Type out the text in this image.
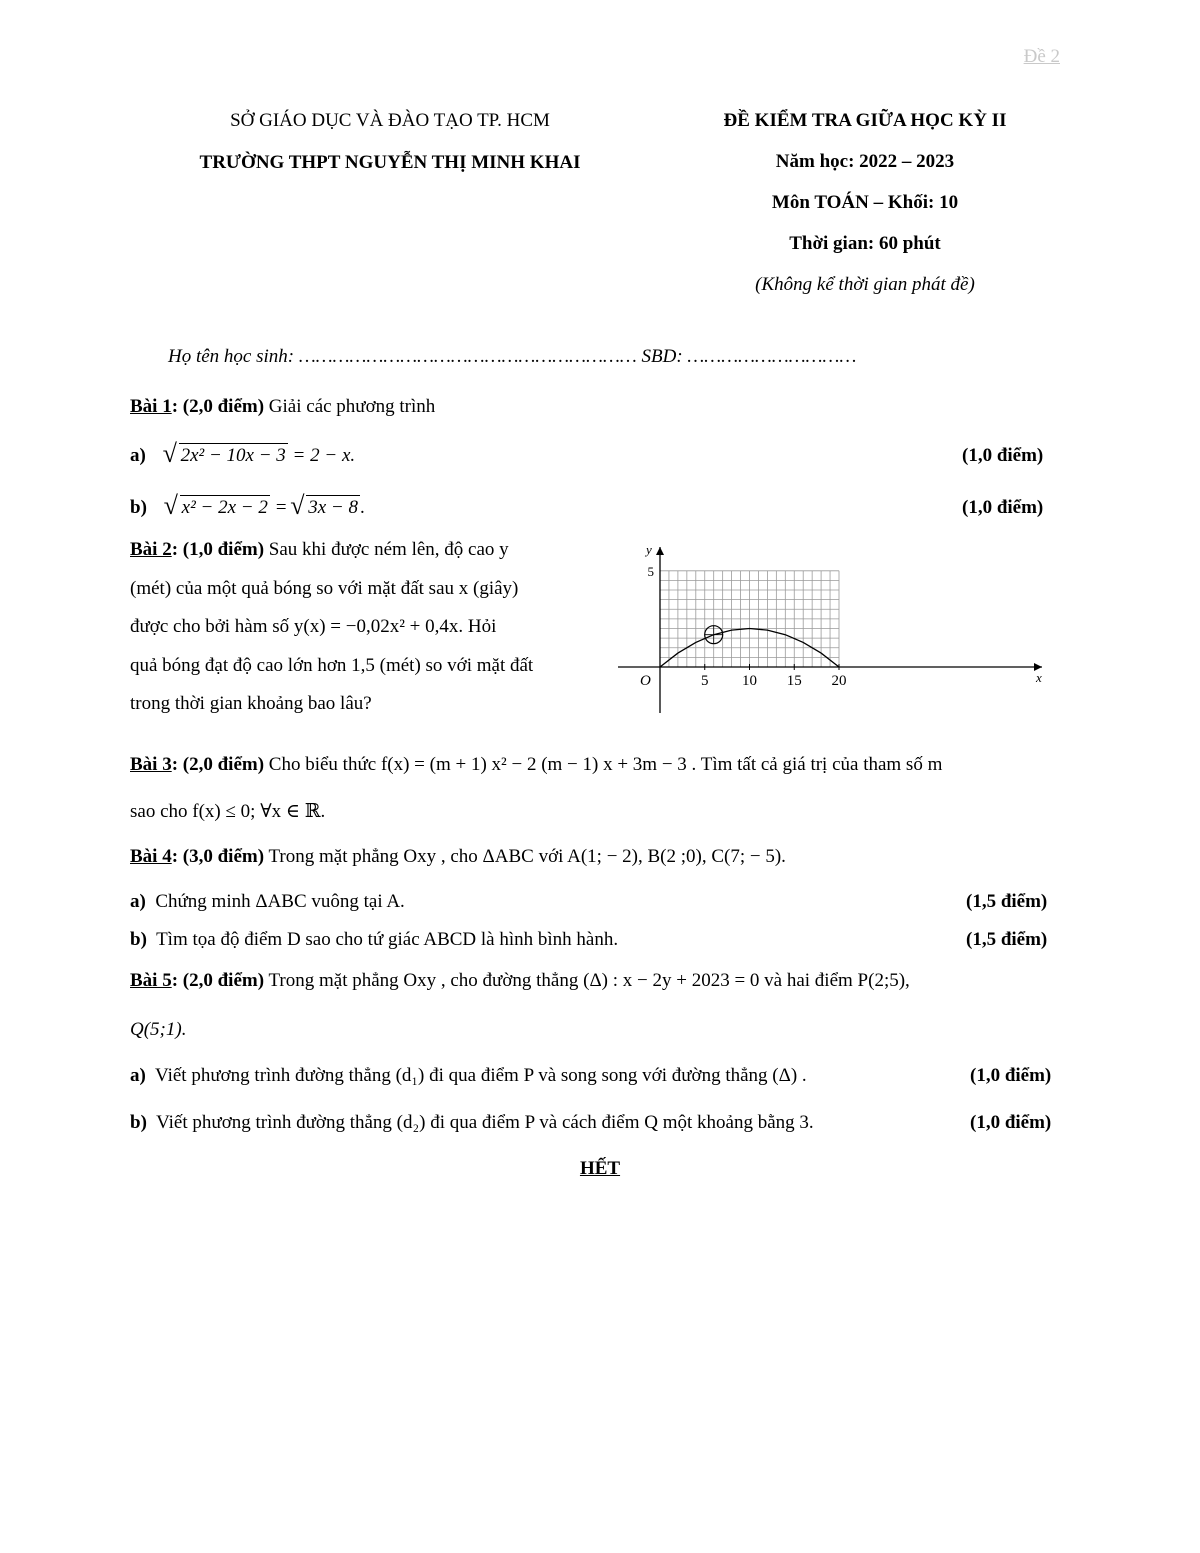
Đề 2
SỞ GIÁO DỤC VÀ ĐÀO TẠO TP. HCM
TRƯỜNG THPT NGUYỄN THỊ MINH KHAI
ĐỀ KIỂM TRA GIỮA HỌC KỲ II
Năm học: 2022 – 2023
Môn TOÁN – Khối: 10
Thời gian: 60 phút
(Không kể thời gian phát đề)
Họ tên học sinh: …………………………………………………… SBD: …………………………
Bài 1: (2,0 điểm) Giải các phương trình
a) √ 2x² − 10x − 3 = 2 − x.	(1,0 điểm)
b) √ x² − 2x − 2 = √ 3x − 8 .	(1,0 điểm)
Bài 2: (1,0 điểm) Sau khi được ném lên, độ cao y
(mét) của một quả bóng so với mặt đất sau x (giây)
được cho bởi hàm số y(x) = −0,02x² + 0,4x. Hỏi
quả bóng đạt độ cao lớn hơn 1,5 (mét) so với mặt đất
trong thời gian khoảng bao lâu?
y
x
O	5 10 15 20
5
Bài 3: (2,0 điểm) Cho biểu thức f(x) = (m + 1) x² − 2 (m − 1) x + 3m − 3 . Tìm tất cả giá trị của tham số m
sao cho f(x) ≤ 0; ∀x ∈ ℝ.
Bài 4: (3,0 điểm) Trong mặt phẳng Oxy , cho ΔABC với A(1; − 2), B(2 ;0), C(7; − 5).
a) Chứng minh ΔABC vuông tại A.	(1,5 điểm)
b) Tìm tọa độ điểm D sao cho tứ giác ABCD là hình bình hành.	(1,5 điểm)
Bài 5: (2,0 điểm) Trong mặt phẳng Oxy , cho đường thẳng (Δ) : x − 2y + 2023 = 0 và hai điểm P(2;5),
Q(5;1).
a) Viết phương trình đường thẳng (d₁) đi qua điểm P và song song với đường thẳng (Δ) .	(1,0 điểm)
b) Viết phương trình đường thẳng (d₂) đi qua điểm P và cách điểm Q một khoảng bằng 3.	(1,0 điểm)
HẾT
